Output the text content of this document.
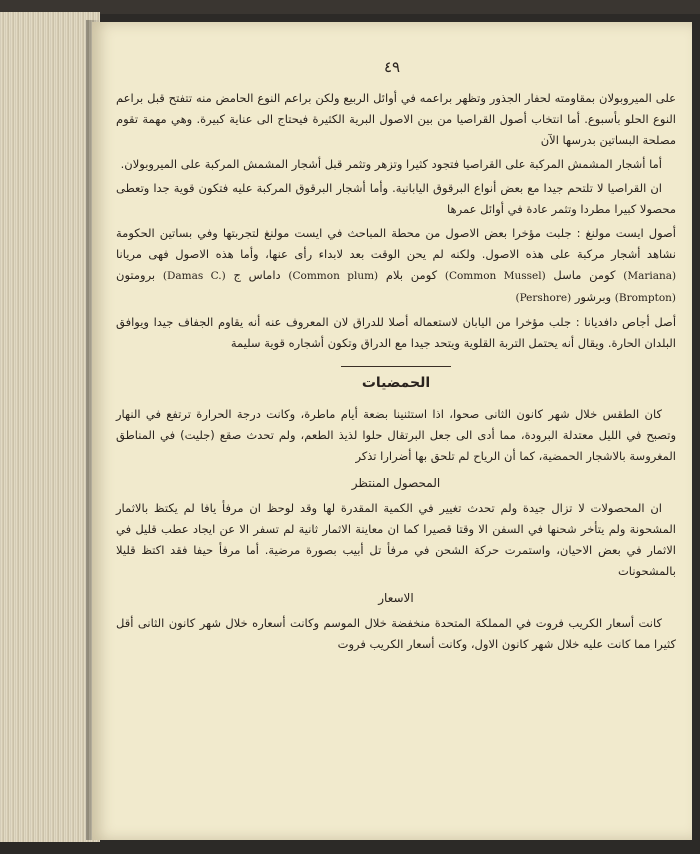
٤٩

على الميروبولان بمقاومته لحفار الجذور وتظهر براعمه في أوائل الربيع ولكن براعم النوع الحامض منه تتفتح قبل براعم النوع الحلو بأسبوع. أما انتخاب أصول القراصيا من بين الاصول البرية الكثيرة فيحتاج الى عناية كبيرة. وهي مهمة تقوم مصلحة البساتين بدرسها الآن

أما أشجار المشمش المركبة على القراصيا فتجود كثيرا وتزهر وتثمر قبل أشجار المشمش المركبة على الميروبولان.

ان القراصيا لا تلتحم جيدا مع بعض أنواع البرقوق اليابانية. وأما أشجار البرقوق المركبة عليه فتكون قوية جدا وتعطى محصولا كبيرا مطردا وتثمر عادة في أوائل عمرها

أصول ايست مولنغ : جلبت مؤخرا بعض الاصول من محطة المباحث في ايست مولنغ لتجربتها وفي بساتين الحكومة نشاهد أشجار مركبة على هذه الاصول. ولكنه لم يحن الوقت بعد لابداء رأى عنها، وأما هذه الاصول فهى مريانا (Mariana) كومن ماسل (Common Mussel) كومن بلام (Common plum) داماس ج (Damas C.) برومتون (Brompton) وبرشور (Pershore)

أصل أجاص دافديانا : جلب مؤخرا من اليابان لاستعماله أصلا للدراق لان المعروف عنه أنه يقاوم الجفاف جيدا ويوافق البلدان الحارة. ويقال أنه يحتمل التربة القلوية ويتحد جيدا مع الدراق وتكون أشجاره قوية سليمة

الحمضيات

كان الطقس خلال شهر كانون الثانى صحوا، اذا استثنينا بضعة أيام ماطرة، وكانت درجة الحرارة ترتفع في النهار وتصبح في الليل معتدلة البرودة، مما أدى الى جعل البرتقال حلوا لذيذ الطعم، ولم تحدث صقع (جليت) في المناطق المغروسة بالاشجار الحمضية، كما أن الرياح لم تلحق بها أضرارا تذكر

المحصول المنتظر

ان المحصولات لا تزال جيدة ولم تحدث تغيير في الكمية المقدرة لها وقد لوحظ ان مرفأ يافا لم يكتظ بالاثمار المشحونة ولم يتأخر شحنها في السفن الا وقتا قصيرا كما ان معاينة الاثمار ثانية لم تسفر الا عن ايجاد عطب قليل في الاثمار في بعض الاحيان، واستمرت حركة الشحن في مرفأ تل أبيب بصورة مرضية. أما مرفأ حيفا فقد اكتظ قليلا بالمشحونات

الاسعار

كانت أسعار الكريب فروت في المملكة المتحدة منخفضة خلال الموسم وكانت أسعاره خلال شهر كانون الثانى أقل كثيرا مما كانت عليه خلال شهر كانون الاول، وكانت أسعار الكريب فروت
